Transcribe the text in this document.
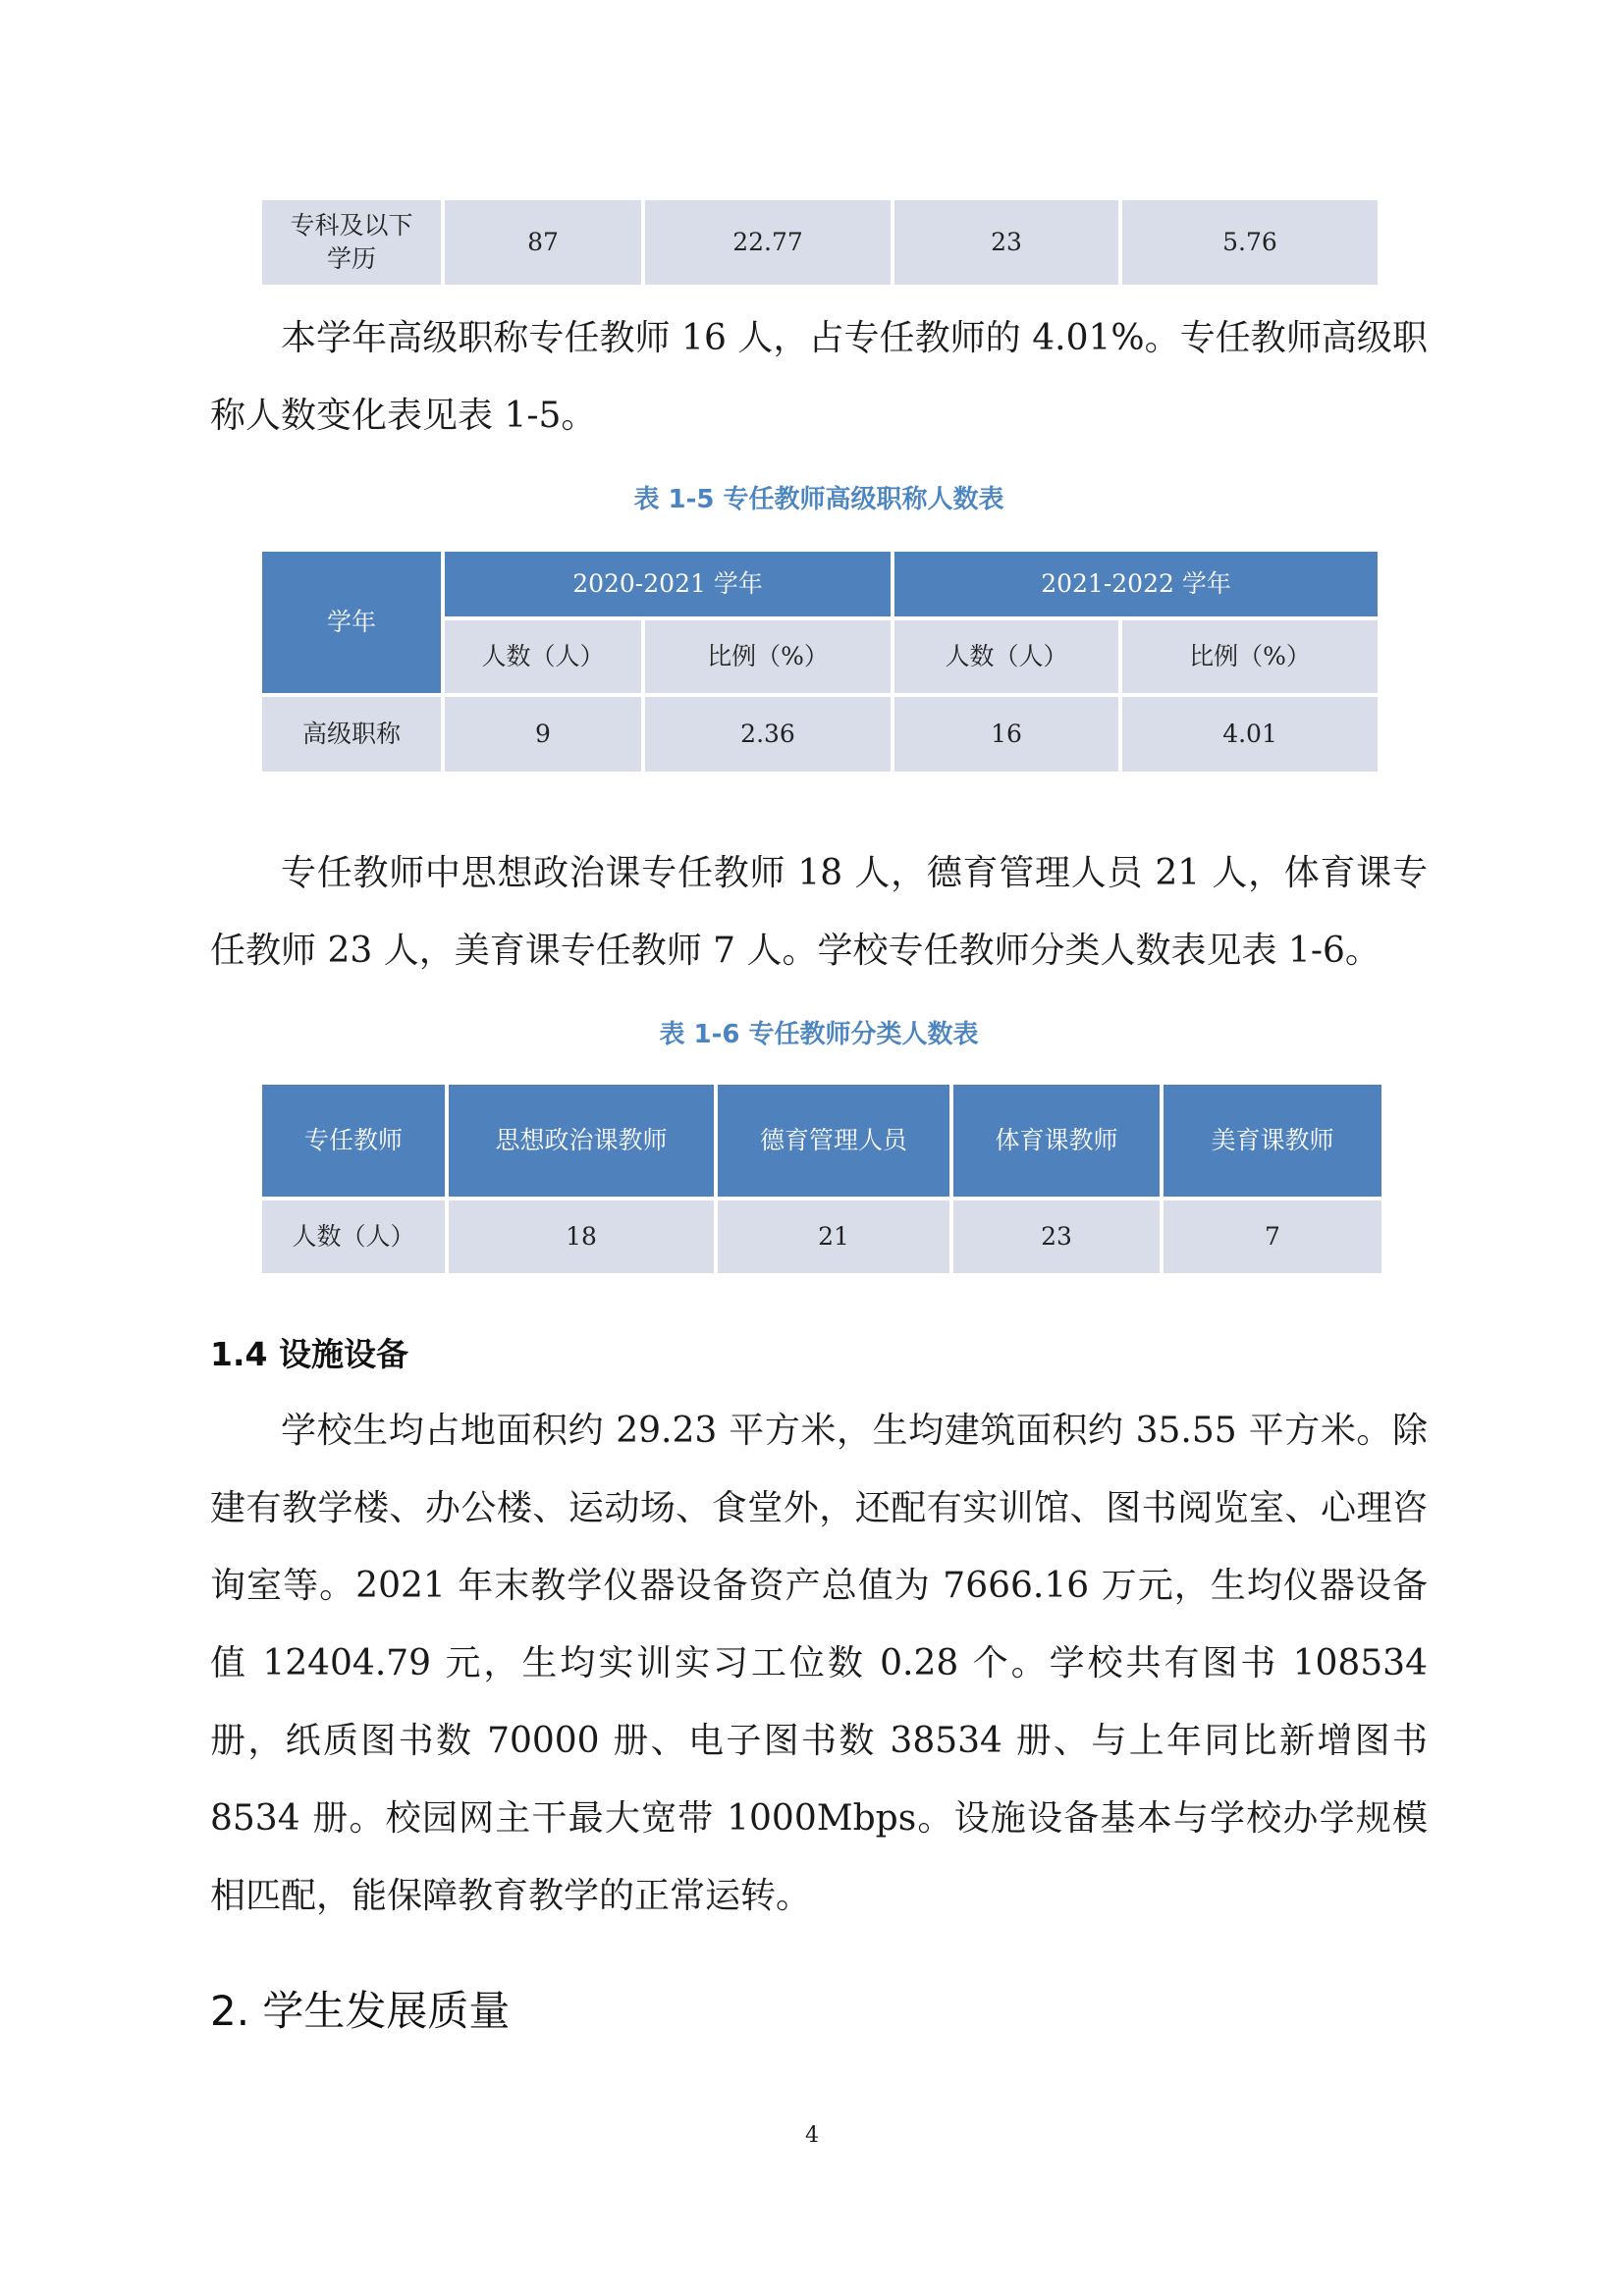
专科及以下
学历	87	22.77	23	5.76

本学年高级职称专任教师 16 人，占专任教师的 4.01%。专任教师高级职称人数变化表见表 1-5。

表 1-5 专任教师高级职称人数表
学年	2020-2021 学年		2021-2022 学年	
	人数（人）	比例（%）	人数（人）	比例（%）
高级职称	9	2.36	16	4.01

专任教师中思想政治课专任教师 18 人，德育管理人员 21 人，体育课专任教师 23 人，美育课专任教师 7 人。学校专任教师分类人数表见表 1-6。

表 1-6 专任教师分类人数表
专任教师	思想政治课教师	德育管理人员	体育课教师	美育课教师
人数（人）	18	21	23	7
1.4 设施设备

学校生均占地面积约 29.23 平方米，生均建筑面积约 35.55 平方米。除建有教学楼、办公楼、运动场、食堂外，还配有实训馆、图书阅览室、心理咨询室等。2021 年末教学仪器设备资产总值为 7666.16 万元，生均仪器设备值 12404.79 元，生均实训实习工位数 0.28 个。学校共有图书 108534 册，纸质图书数 70000 册、电子图书数 38534 册、与上年同比新增图书 8534 册。校园网主干最大宽带 1000Mbps。设施设备基本与学校办学规模相匹配，能保障教育教学的正常运转。

2. 学生发展质量
4
